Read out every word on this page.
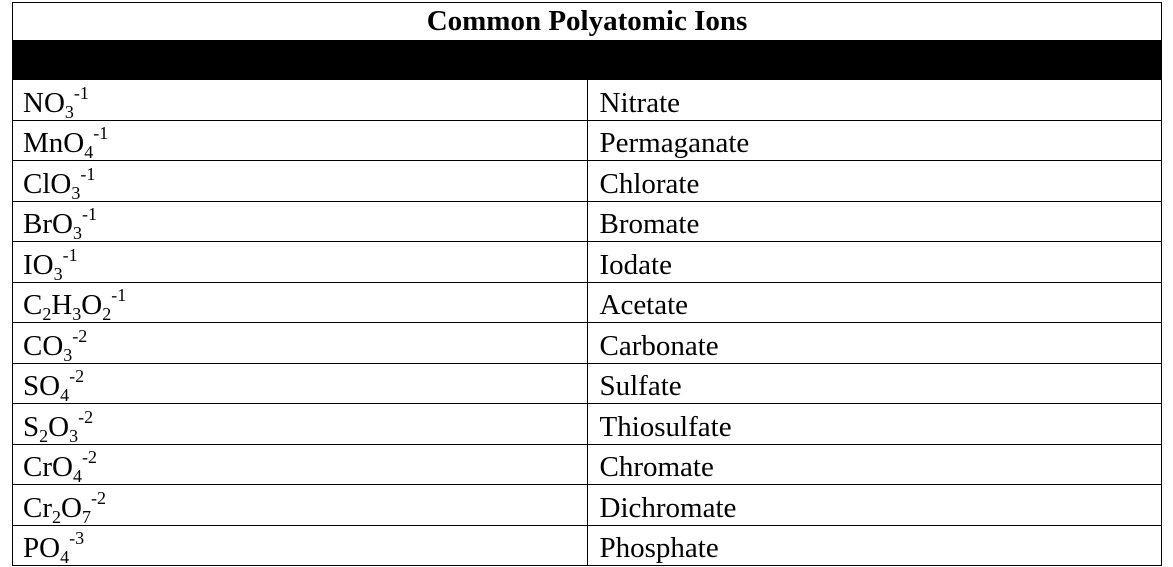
Common Polyatomic Ions	

$NO_3^{-1}$	Nitrate
MnO$_4^{-1}$	Permaganate
ClO$_3^{-1}$	Chlorate
BrO$_3^{-1}$	Bromate
$IO_3^{-1}$	Iodate
$C_2H_3O_2^{-1}$	Acetate
$CO_3^{-2}$	Carbonate
$SO_4^{-2}$	Sulfate
$S_2O_3^{-2}$	Thiosulfate
CrO$_4^{-2}$	Chromate
$Cr_2O_7^{-2}$	Dichromate
$PO_4^{-3}$	Phosphate
